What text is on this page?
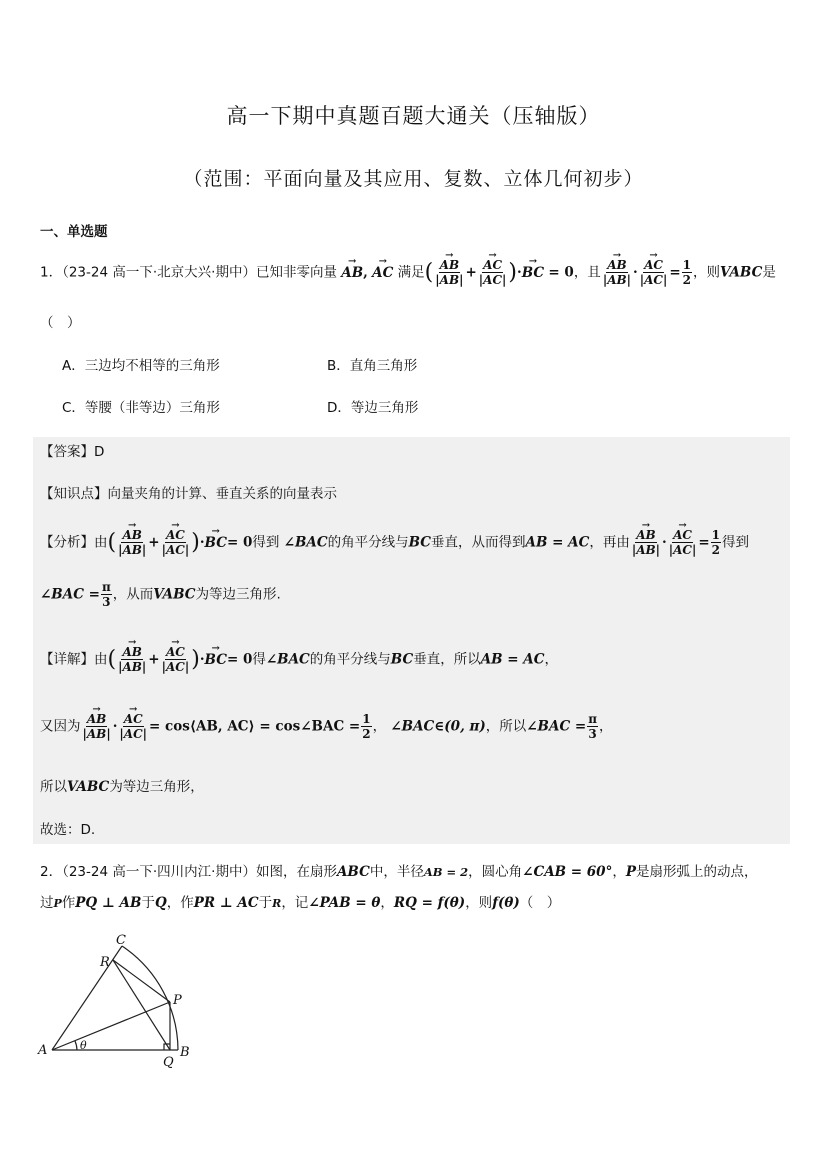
高一下期中真题百题大通关（压轴版）
（范围：平面向量及其应用、复数、立体几何初步）
一、单选题
1．（23-24 高一下·北京大兴·期中）已知非零向量 → AB, → AC 满足( → $\frac{AB}{|AB|}$ + → $\frac{AC}{|AC|}$ )·→ BC = 0，且 → $\frac{AB}{|AB|}$ · → $\frac{AC}{|AC|} = \frac{1}{2}$ ，则VABC是
（　）
A．三边均不相等的三角形	B．直角三角形
C．等腰（非等边）三角形	D．等边三角形
【答案】D
【知识点】向量夹角的计算、垂直关系的向量表示
【分析】由( → $\frac{AB}{|AB|}$ + → $\frac{AC}{|AC|}$ )·→ BC= 0得到 ∠BAC的角平分线与BC垂直，从而得到AB = AC，再由 → $\frac{AB}{|AB|}$ · → $\frac{AC}{|AC|} = \frac{1}{2}$ 得到
∠BAC = $\frac{\pi}{3}$ ，从而VABC为等边三角形.
【详解】由( → $\frac{AB}{|AB|}$ + → $\frac{AC}{|AC|}$ )·→ BC= 0得∠BAC的角平分线与BC垂直，所以AB = AC，
又因为 → $\frac{AB}{|AB|}$ · → $\frac{AC}{|AC|}$ = cos⟨AB, AC⟩ = cos∠BAC = $\frac{1}{2}$ ， ∠BAC∈(0, π)，所以∠BAC = $\frac{\pi}{3}$ ，
所以VABC为等边三角形，
故选：D.
2．（23-24 高一下·四川内江·期中）如图，在扇形ABC中，半径AB = 2，圆心角∠CAB = 60°，P是扇形弧上的动点，
过P作PQ ⊥ AB于Q，作PR ⊥ AC于R，记∠PAB = θ，RQ = f(θ)，则f(θ)（　）
A	B
C
P
Q
R
θ
